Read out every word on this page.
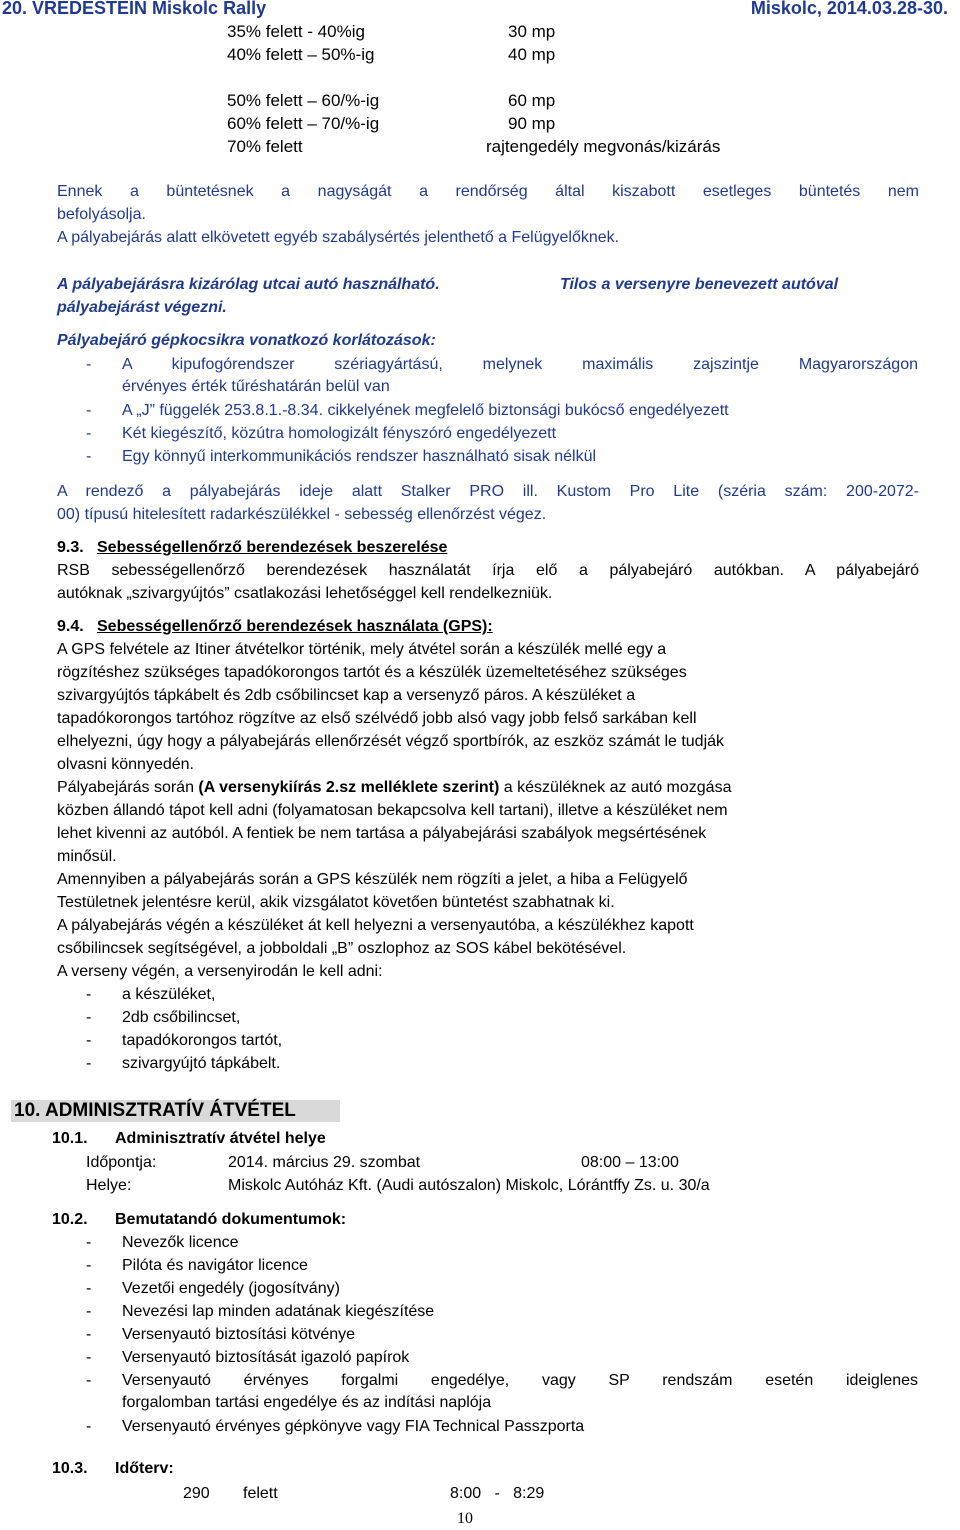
20. VREDESTEIN Miskolc Rally	Miskolc, 2014.03.28-30.
35% felett - 40%ig	30 mp
40% felett – 50%-ig	40 mp
50% felett – 60/%-ig	60 mp
60% felett – 70/%-ig	90 mp
70% felett	rajtengedély megvonás/kizárás
Ennek a büntetésnek a nagyságát a rendőrség által kiszabott esetleges büntetés nem
befolyásolja.
A pályabejárás alatt elkövetett egyéb szabálysértés jelenthető a Felügyelőknek.
A pályabejárásra kizárólag utcai autó használható.	Tilos a versenyre benevezett autóval
pályabejárást végezni.
Pályabejáró gépkocsikra vonatkozó korlátozások:
- A kipufogórendszer szériagyártású, melynek maximális zajszintje Magyarországon
érvényes érték tűréshatárán belül van
- A „J” függelék 253.8.1.-8.34. cikkelyének megfelelő biztonsági bukócső engedélyezett
- Két kiegészítő, közútra homologizált fényszóró engedélyezett
- Egy könnyű interkommunikációs rendszer használható sisak nélkül
A rendező a pályabejárás ideje alatt Stalker PRO ill. Kustom Pro Lite (széria szám: 200-2072-
00) típusú hitelesített radarkészülékkel - sebesség ellenőrzést végez.
9.3. Sebességellenőrző berendezések beszerelése
RSB sebességellenőrző berendezések használatát írja elő a pályabejáró autókban. A pályabejáró
autóknak „szivargyújtós” csatlakozási lehetőséggel kell rendelkezniük.
9.4. Sebességellenőrző berendezések használata (GPS):
A GPS felvétele az Itiner átvételkor történik, mely átvétel során a készülék mellé egy a
rögzítéshez szükséges tapadókorongos tartót és a készülék üzemeltetéséhez szükséges
szivargyújtós tápkábelt és 2db csőbilincset kap a versenyző páros. A készüléket a
tapadókorongos tartóhoz rögzítve az első szélvédő jobb alsó vagy jobb felső sarkában kell
elhelyezni, úgy hogy a pályabejárás ellenőrzését végző sportbírók, az eszköz számát le tudják
olvasni könnyedén.
Pályabejárás során (A versenykiírás 2.sz melléklete szerint) a készüléknek az autó mozgása
közben állandó tápot kell adni (folyamatosan bekapcsolva kell tartani), illetve a készüléket nem
lehet kivenni az autóból. A fentiek be nem tartása a pályabejárási szabályok megsértésének
minősül.
Amennyiben a pályabejárás során a GPS készülék nem rögzíti a jelet, a hiba a Felügyelő
Testületnek jelentésre kerül, akik vizsgálatot követően büntetést szabhatnak ki.
A pályabejárás végén a készüléket át kell helyezni a versenyautóba, a készülékhez kapott
csőbilincsek segítségével, a jobboldali „B” oszlophoz az SOS kábel bekötésével.
A verseny végén, a versenyirodán le kell adni:
- a készüléket,
- 2db csőbilincset,
- tapadókorongos tartót,
- szivargyújtó tápkábelt.
10. ADMINISZTRATÍV ÁTVÉTEL
10.1. Adminisztratív átvétel helye
Időpontja:	2014. március 29. szombat	08:00 – 13:00
Helye:	Miskolc Autóház Kft. (Audi autószalon) Miskolc, Lórántffy Zs. u. 30/a
10.2. Bemutatandó dokumentumok:
- Nevezők licence
- Pilóta és navigátor licence
- Vezetői engedély (jogosítvány)
- Nevezési lap minden adatának kiegészítése
- Versenyautó biztosítási kötvénye
- Versenyautó biztosítását igazoló papírok
- Versenyautó érvényes forgalmi engedélye, vagy SP rendszám esetén ideiglenes
forgalomban tartási engedélye és az indítási naplója
- Versenyautó érvényes gépkönyve vagy FIA Technical Passzporta
10.3. Időterv:
290 felett	8:00   -   8:29
10
